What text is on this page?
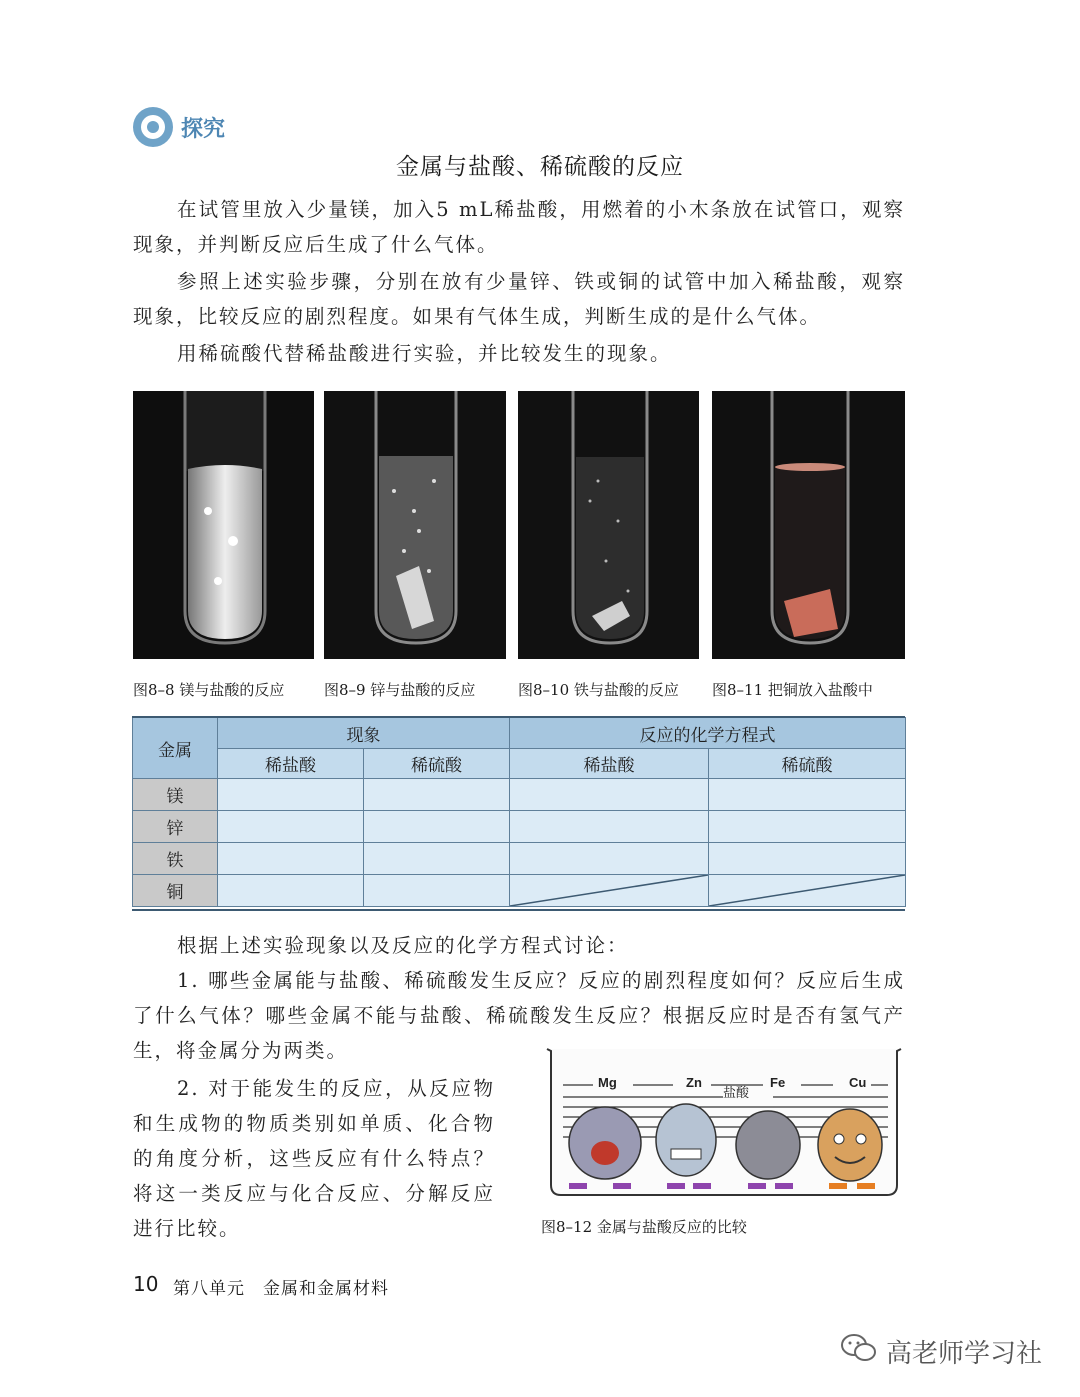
探究
金属与盐酸、稀硫酸的反应
在试管里放入少量镁，加入5 mL稀盐酸，用燃着的小木条放在试管口，观察现象，并判断反应后生成了什么气体。
参照上述实验步骤，分别在放有少量锌、铁或铜的试管中加入稀盐酸，观察现象，比较反应的剧烈程度。如果有气体生成，判断生成的是什么气体。
用稀硫酸代替稀盐酸进行实验，并比较发生的现象。
图8–8 镁与盐酸的反应	图8–9 锌与盐酸的反应	图8–10 铁与盐酸的反应 图8–11 把铜放入盐酸中
金属	现象		反应的化学方程式	
	稀盐酸	稀硫酸	稀盐酸	稀硫酸
镁				
锌				
铁				
铜			

根据上述实验现象以及反应的化学方程式讨论：
1. 哪些金属能与盐酸、稀硫酸发生反应？反应的剧烈程度如何？反应后生成了什么气体？哪些金属不能与盐酸、稀硫酸发生反应？根据反应时是否有氢气产生，将金属分为两类。
2. 对于能发生的反应，从反应物和生成物的物质类别如单质、化合物的角度分析，这些反应有什么特点？将这一类反应与化合反应、分解反应进行比较。
Mg	Zn
盐酸
Fe	Cu
图8–12 金属与盐酸反应的比较
10 第八单元　金属和金属材料
高老师学习社
